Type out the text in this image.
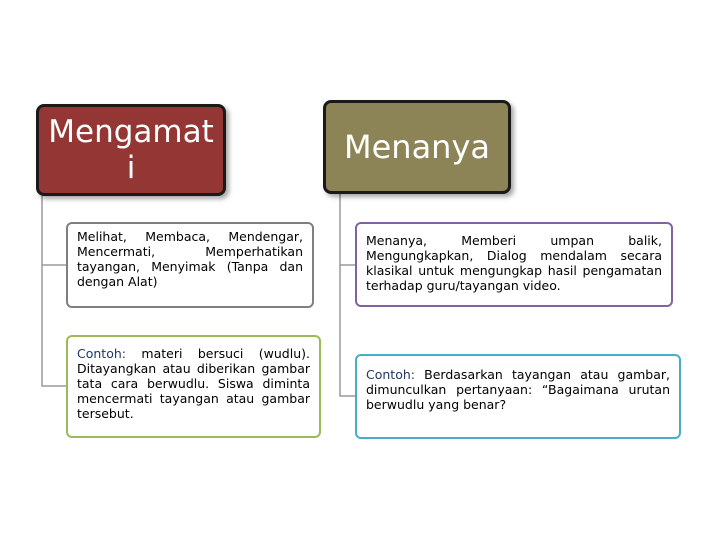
Mengamati
Menanya
Melihat, Membaca, Mendengar, Mencermati, Memperhatikan tayangan, Menyimak (Tanpa dan dengan Alat)
Contoh: materi bersuci (wudlu). Ditayangkan atau diberikan gambar tata cara berwudlu. Siswa diminta mencermati tayangan atau gambar tersebut.
Menanya, Memberi umpan balik, Mengungkapkan, Dialog mendalam secara klasikal untuk mengungkap hasil pengamatan terhadap guru/tayangan video.
Contoh: Berdasarkan tayangan atau gambar, dimunculkan pertanyaan: “Bagaimana urutan berwudlu yang benar?
